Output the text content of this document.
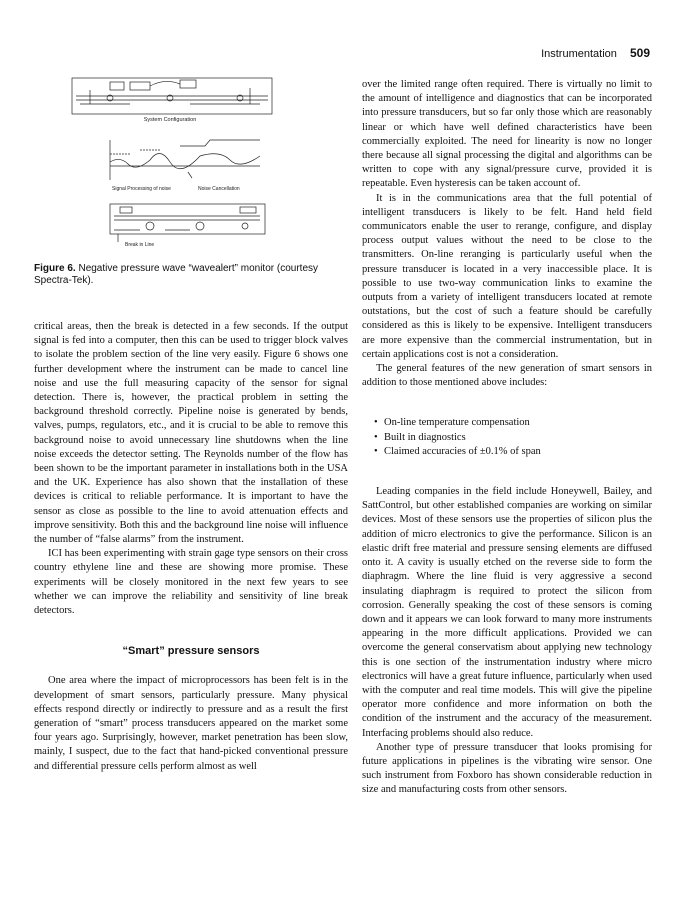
Instrumentation 509
System Configuration
Signal Processing of noise	Noise Cancellation
Break in Line
Figure 6. Negative pressure wave “wavealert” monitor (courtesy Spectra-Tek).

critical areas, then the break is detected in a few seconds. If the output signal is fed into a computer, then this can be used to trigger block valves to isolate the problem section of the line very easily. Figure 6 shows one further development where the instrument can be made to cancel line noise and use the full measuring capacity of the sensor for signal detection. There is, however, the practical problem in setting the background threshold correctly. Pipeline noise is generated by bends, valves, pumps, regulators, etc., and it is crucial to be able to remove this background noise to avoid unnecessary line shutdowns when the line noise exceeds the detector setting. The Reynolds number of the flow has been shown to be the important parameter in installations both in the USA and the UK. Experience has also shown that the installation of these devices is critical to reliable performance. It is important to have the sensor as close as possible to the line to avoid attenuation effects and improve sensitivity. Both this and the background line noise will influence the number of “false alarms” from the instrument.

ICI has been experimenting with strain gage type sensors on their cross country ethylene line and these are showing more promise. These experiments will be closely monitored in the next few years to see whether we can improve the reliability and sensitivity of line break detectors.

“Smart” pressure sensors

One area where the impact of microprocessors has been felt is in the development of smart sensors, particularly pressure. Many physical effects respond directly or indirectly to pressure and as a result the first generation of “smart” process transducers appeared on the market some four years ago. Surprisingly, however, market penetration has been slow, mainly, I suspect, due to the fact that hand-picked conventional pressure and differential pressure cells perform almost as well

over the limited range often required. There is virtually no limit to the amount of intelligence and diagnostics that can be incorporated into pressure transducers, but so far only those which are reasonably linear or which have well defined characteristics have been commercially exploited. The need for linearity is now no longer there because all signal processing the digital and algorithms can be written to cope with any signal/pressure curve, provided it is repeatable. Even hysteresis can be taken account of.

It is in the communications area that the full potential of intelligent transducers is likely to be felt. Hand held field communicators enable the user to rerange, configure, and display process output values without the need to be close to the transmitters. On-line reranging is particularly useful when the pressure transducer is located in a very inaccessible place. It is possible to use two-way communication links to examine the outputs from a variety of intelligent transducers located at remote outstations, but the cost of such a feature should be carefully considered as this is likely to be expensive. Intelligent transducers are more expensive than the commercial instrumentation, but in certain applications cost is not a consideration.

The general features of the new generation of smart sensors in addition to those mentioned above includes:

• On-line temperature compensation
• Built in diagnostics
• Claimed accuracies of ±0.1% of span

Leading companies in the field include Honeywell, Bailey, and SattControl, but other established companies are working on similar devices. Most of these sensors use the properties of silicon plus the addition of micro electronics to give the performance. Silicon is an elastic drift free material and pressure sensing elements are diffused onto it. A cavity is usually etched on the reverse side to form the diaphragm. Where the line fluid is very aggressive a second insulating diaphragm is required to protect the silicon from corrosion. Generally speaking the cost of these sensors is coming down and it appears we can look forward to many more instruments appearing in the more difficult applications. Provided we can overcome the general conservatism about applying new technology this is one section of the instrumentation industry where micro electronics will have a great future influence, particularly when used with the computer and real time models. This will give the pipeline operator more confidence and more information on both the condition of the instrument and the accuracy of the measurement. Interfacing problems should also reduce.

Another type of pressure transducer that looks promising for future applications in pipelines is the vibrating wire sensor. One such instrument from Foxboro has shown considerable reduction in size and manufacturing costs from other sensors.
